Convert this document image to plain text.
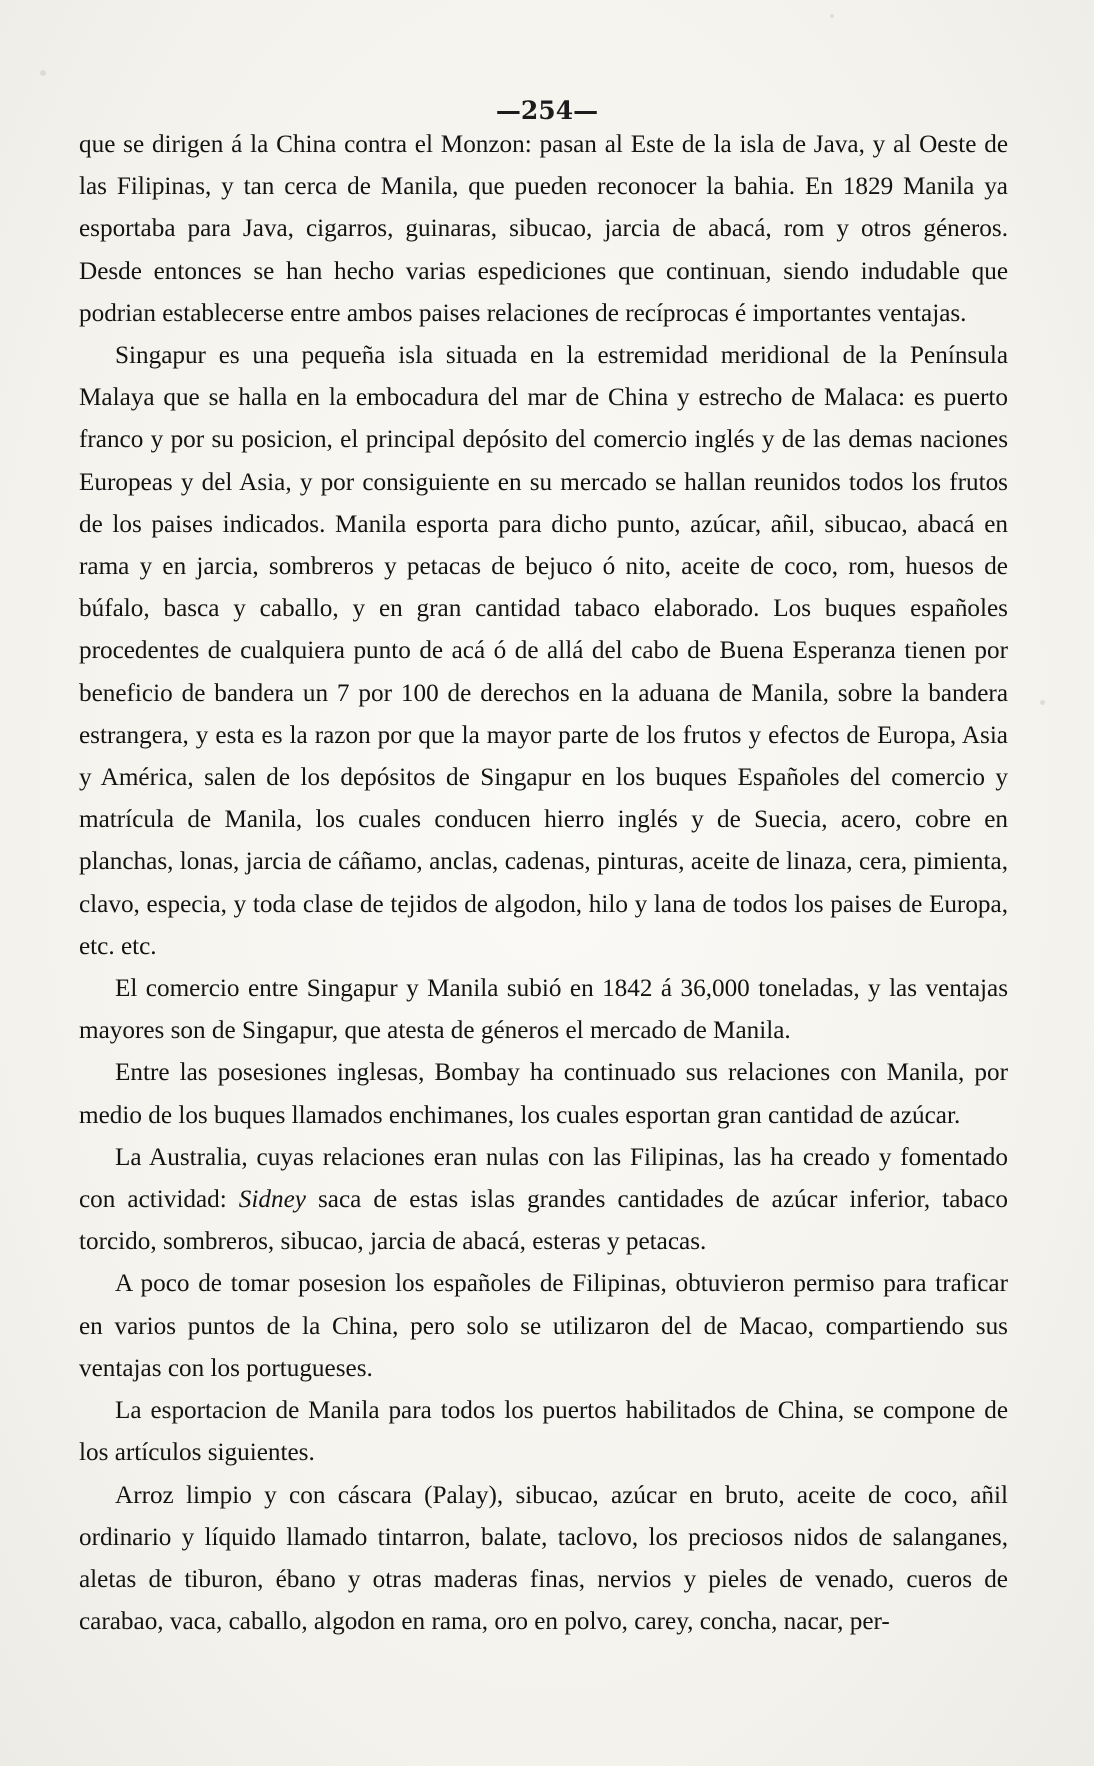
—254—

que se dirigen á la China contra el Monzon: pasan al Este de la isla de Java, y al Oeste de las Filipinas, y tan cerca de Manila, que pueden reconocer la bahia. En 1829 Manila ya esportaba para Java, cigarros, guinaras, sibucao, jarcia de abacá, rom y otros géneros. Desde entonces se han hecho varias espediciones que continuan, siendo indudable que podrian establecerse entre ambos paises relaciones de recíprocas é importantes ventajas.

Singapur es una pequeña isla situada en la estremidad meridional de la Península Malaya que se halla en la embocadura del mar de China y estrecho de Malaca: es puerto franco y por su posicion, el principal depósito del comercio inglés y de las demas naciones Europeas y del Asia, y por consiguiente en su mercado se hallan reunidos todos los frutos de los paises indicados. Manila esporta para dicho punto, azúcar, añil, sibucao, abacá en rama y en jarcia, sombreros y petacas de bejuco ó nito, aceite de coco, rom, huesos de búfalo, basca y caballo, y en gran cantidad tabaco elaborado. Los buques españoles procedentes de cualquiera punto de acá ó de allá del cabo de Buena Esperanza tienen por beneficio de bandera un 7 por 100 de derechos en la aduana de Manila, sobre la bandera estrangera, y esta es la razon por que la mayor parte de los frutos y efectos de Europa, Asia y América, salen de los depósitos de Singapur en los buques Españoles del comercio y matrícula de Manila, los cuales conducen hierro inglés y de Suecia, acero, cobre en planchas, lonas, jarcia de cáñamo, anclas, cadenas, pinturas, aceite de linaza, cera, pimienta, clavo, especia, y toda clase de tejidos de algodon, hilo y lana de todos los paises de Europa, etc. etc.

El comercio entre Singapur y Manila subió en 1842 á 36,000 toneladas, y las ventajas mayores son de Singapur, que atesta de géneros el mercado de Manila.

Entre las posesiones inglesas, Bombay ha continuado sus relaciones con Manila, por medio de los buques llamados enchimanes, los cuales esportan gran cantidad de azúcar.

La Australia, cuyas relaciones eran nulas con las Filipinas, las ha creado y fomentado con actividad: Sidney saca de estas islas grandes cantidades de azúcar inferior, tabaco torcido, sombreros, sibucao, jarcia de abacá, esteras y petacas.

A poco de tomar posesion los españoles de Filipinas, obtuvieron permiso para traficar en varios puntos de la China, pero solo se utilizaron del de Macao, compartiendo sus ventajas con los portugueses.

La esportacion de Manila para todos los puertos habilitados de China, se compone de los artículos siguientes.

Arroz limpio y con cáscara (Palay), sibucao, azúcar en bruto, aceite de coco, añil ordinario y líquido llamado tintarron, balate, taclovo, los preciosos nidos de salanganes, aletas de tiburon, ébano y otras maderas finas, nervios y pieles de venado, cueros de carabao, vaca, caballo, algodon en rama, oro en polvo, carey, concha, nacar, per-
